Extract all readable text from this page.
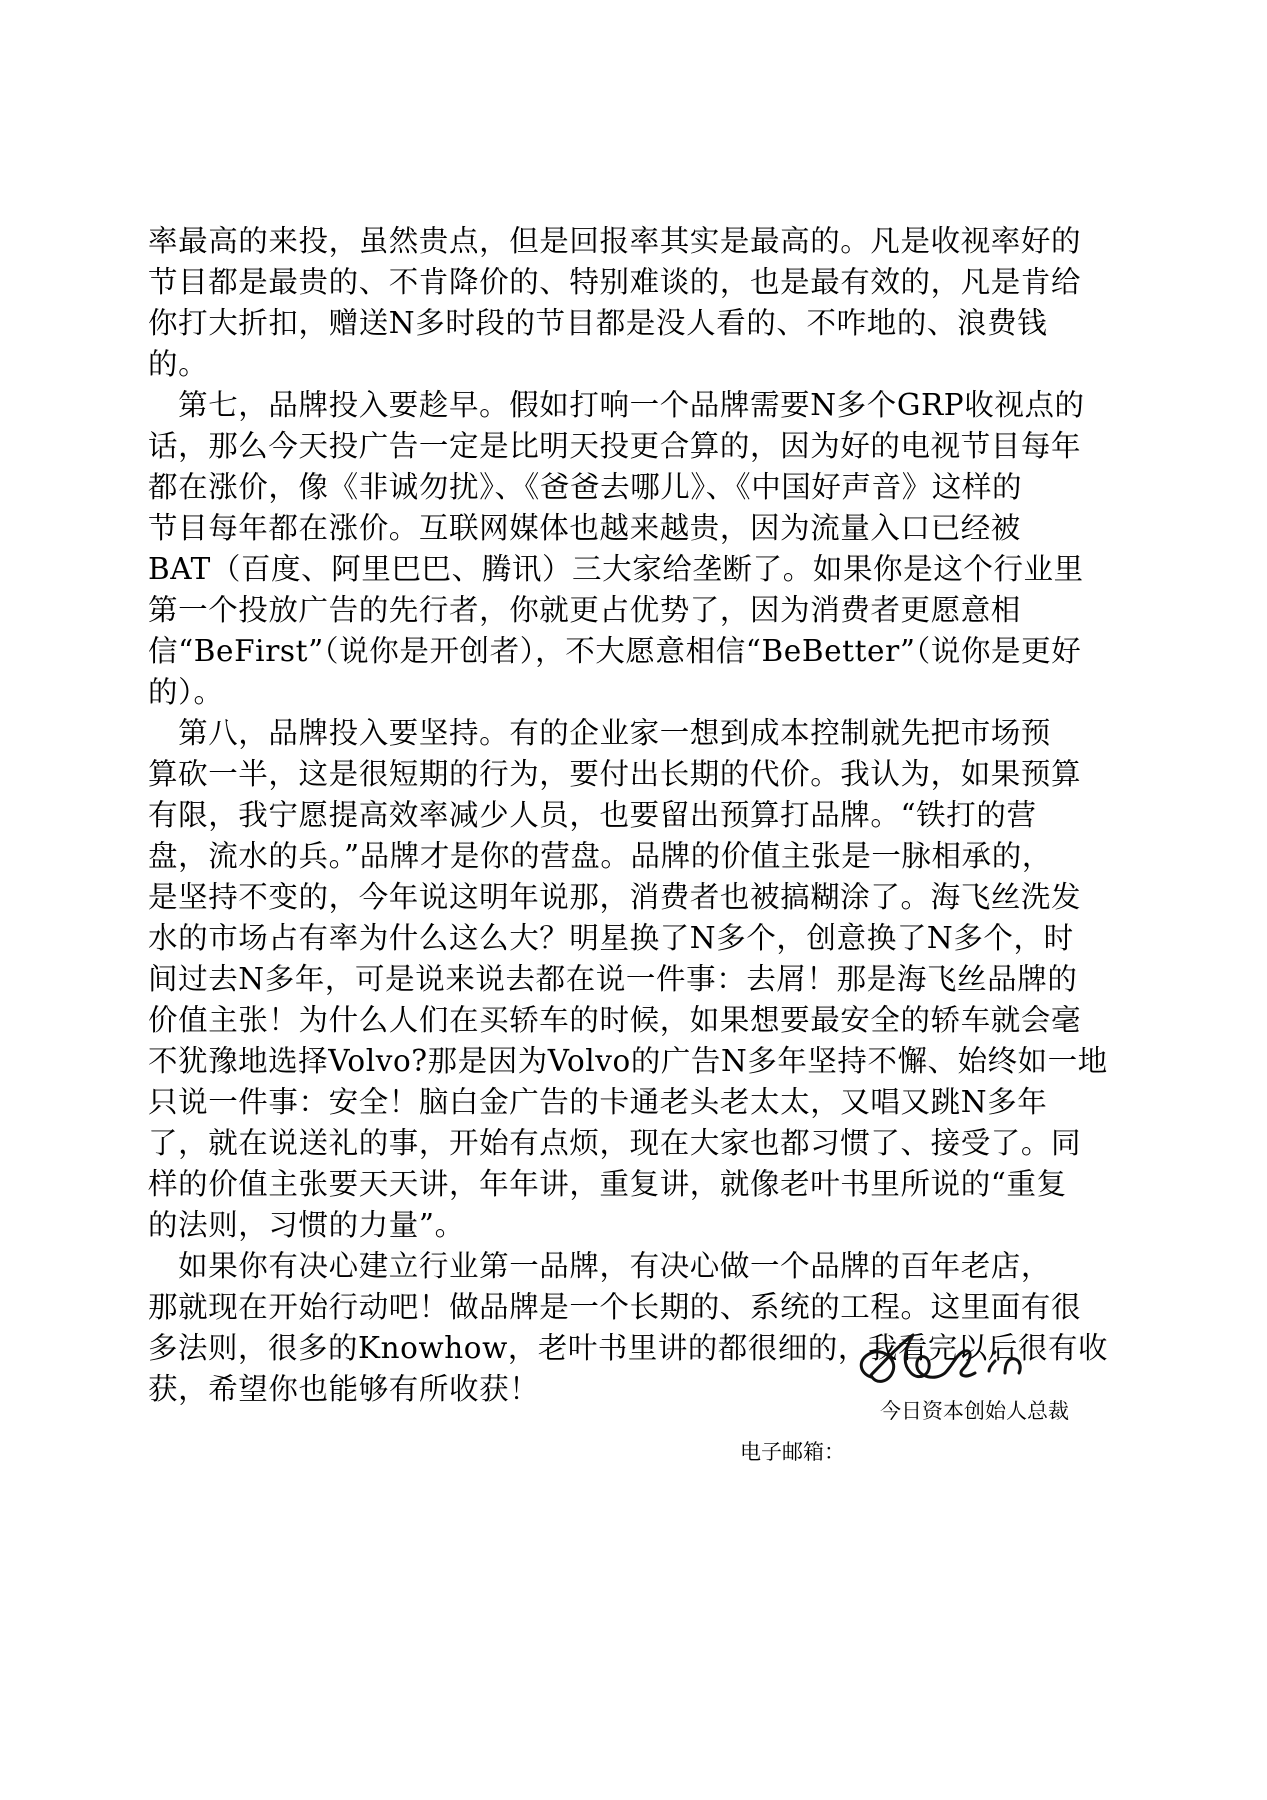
率最高的来投，虽然贵点，但是回报率其实是最高的。凡是收视率好的
节目都是最贵的、不肯降价的、特别难谈的，也是最有效的，凡是肯给
你打大折扣，赠送N多时段的节目都是没人看的、不咋地的、浪费钱
的。
　第七，品牌投入要趁早。假如打响一个品牌需要N多个GRP收视点的
话，那么今天投广告一定是比明天投更合算的，因为好的电视节目每年
都在涨价，像《非诚勿扰》、《爸爸去哪儿》、《中国好声音》这样的
节目每年都在涨价。互联网媒体也越来越贵，因为流量入口已经被
BAT（百度、阿里巴巴、腾讯）三大家给垄断了。如果你是这个行业里
第一个投放广告的先行者，你就更占优势了，因为消费者更愿意相
信“BeFirst”（说你是开创者），不大愿意相信“BeBetter”（说你是更好
的）。
　第八，品牌投入要坚持。有的企业家一想到成本控制就先把市场预
算砍一半，这是很短期的行为，要付出长期的代价。我认为，如果预算
有限，我宁愿提高效率减少人员，也要留出预算打品牌。“铁打的营
盘，流水的兵。”品牌才是你的营盘。品牌的价值主张是一脉相承的，
是坚持不变的，今年说这明年说那，消费者也被搞糊涂了。海飞丝洗发
水的市场占有率为什么这么大？明星换了N多个，创意换了N多个，时
间过去N多年，可是说来说去都在说一件事：去屑！那是海飞丝品牌的
价值主张！为什么人们在买轿车的时候，如果想要最安全的轿车就会毫
不犹豫地选择Volvo?那是因为Volvo的广告N多年坚持不懈、始终如一地
只说一件事：安全！脑白金广告的卡通老头老太太，又唱又跳N多年
了，就在说送礼的事，开始有点烦，现在大家也都习惯了、接受了。同
样的价值主张要天天讲，年年讲，重复讲，就像老叶书里所说的“重复
的法则，习惯的力量”。
　如果你有决心建立行业第一品牌，有决心做一个品牌的百年老店，
那就现在开始行动吧！做品牌是一个长期的、系统的工程。这里面有很
多法则，很多的Knowhow，老叶书里讲的都很细的，我看完以后很有收
获，希望你也能够有所收获！
今日资本创始人总裁
电子邮箱：
